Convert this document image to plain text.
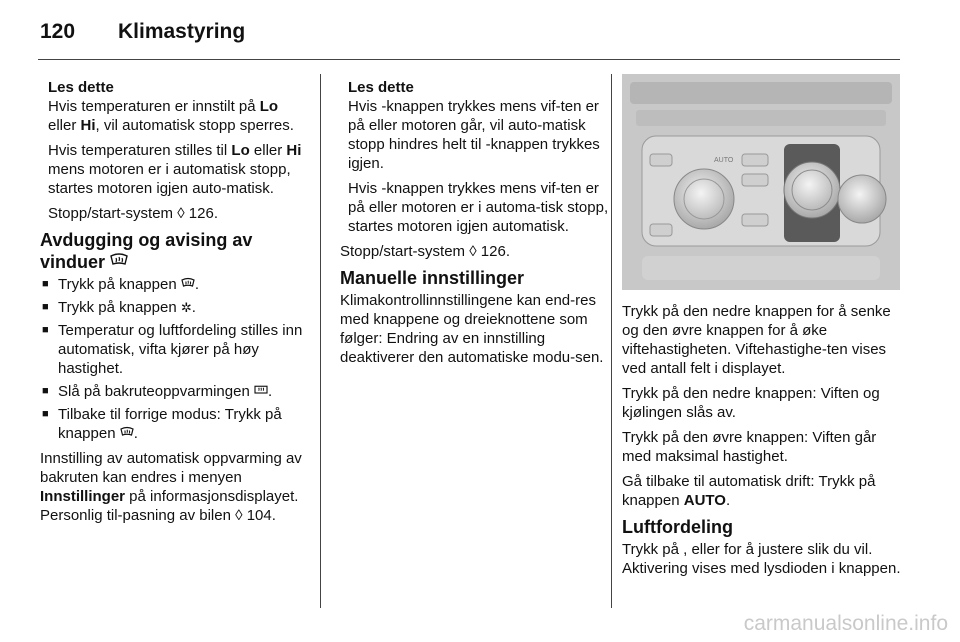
120 Klimastyring

Les dette

Hvis temperaturen er innstilt på Lo eller Hi, vil automatisk stopp sperres.

Hvis temperaturen stilles til Lo eller Hi mens motoren er i automatisk stopp, startes motoren igjen auto-matisk.

Stopp/start-system ◊ 126.

Avdugging og avising av vinduer
■ Trykk på knappen .
■ Trykk på knappen ✲.
■ Temperatur og luftfordeling stilles inn automatisk, vifta kjører på høy hastighet.
■ Slå på bakruteoppvarmingen .
■ Tilbake til forrige modus: Trykk på knappen .

Innstilling av automatisk oppvarming av bakruten kan endres i menyen Innstillinger på informasjonsdisplayet. Personlig til-pasning av bilen ◊ 104.

Les dette

Hvis -knappen trykkes mens vif-ten er på eller motoren går, vil auto-matisk stopp hindres helt til -knappen trykkes igjen.

Hvis -knappen trykkes mens vif-ten er på eller motoren er i automa-tisk stopp, startes motoren igjen automatisk.

Stopp/start-system ◊ 126.

Manuelle innstillinger

Klimakontrollinnstillingene kan end-res med knappene og dreieknottene som følger: Endring av en innstilling deaktiverer den automatiske modu-sen.

AUTO

Trykk på den nedre knappen for å senke og den øvre knappen for å øke viftehastigheten. Viftehastighe-ten vises ved antall felt i displayet.

Trykk på den nedre knappen: Viften og kjølingen slås av.

Trykk på den øvre knappen: Viften går med maksimal hastighet.

Gå tilbake til automatisk drift: Trykk på knappen AUTO.

Luftfordeling

Trykk på , eller for å justere slik du vil. Aktivering vises med lysdioden i knappen.

carmanualsonline.info
